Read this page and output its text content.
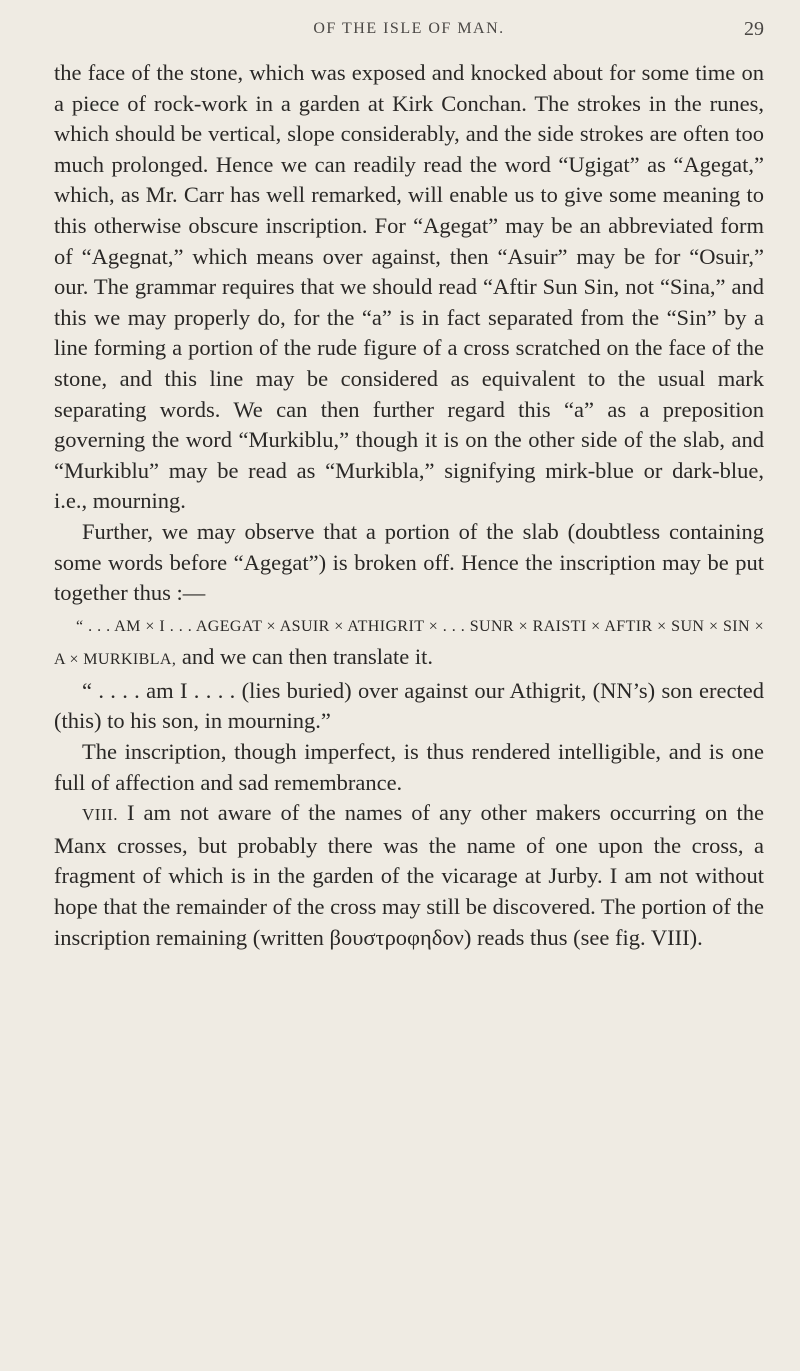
OF THE ISLE OF MAN.	29

the face of the stone, which was exposed and knocked about for some time on a piece of rock-work in a garden at Kirk Conchan. The strokes in the runes, which should be vertical, slope considerably, and the side strokes are often too much prolonged. Hence we can readily read the word “Ugigat” as “Agegat,” which, as Mr. Carr has well remarked, will enable us to give some meaning to this otherwise obscure inscription. For “Agegat” may be an abbreviated form of “Agegnat,” which means over against, then “Asuir” may be for “Osuir,” our. The grammar requires that we should read “Aftir Sun Sin, not “Sina,” and this we may properly do, for the “a” is in fact separated from the “Sin” by a line forming a portion of the rude figure of a cross scratched on the face of the stone, and this line may be considered as equivalent to the usual mark separating words. We can then further regard this “a” as a preposition governing the word “Murkiblu,” though it is on the other side of the slab, and “Murkiblu” may be read as “Murkibla,” signifying mirk-blue or dark-blue, i.e., mourning.

Further, we may observe that a portion of the slab (doubtless containing some words before “Agegat”) is broken off. Hence the inscription may be put together thus :—

“ . . . AM × I . . . AGEGAT × ASUIR × ATHIGRIT × . . . SUNR × RAISTI × AFTIR × SUN × SIN × A × MURKIBLA, and we can then translate it.

“ . . . . am I . . . . (lies buried) over against our Athigrit, (NN’s) son erected (this) to his son, in mourning.”

The inscription, though imperfect, is thus rendered intelligible, and is one full of affection and sad remembrance.

VIII. I am not aware of the names of any other makers occurring on the Manx crosses, but probably there was the name of one upon the cross, a fragment of which is in the garden of the vicarage at Jurby. I am not without hope that the remainder of the cross may still be discovered. The portion of the inscription remaining (written βουστροφηδον) reads thus (see fig. VIII).
